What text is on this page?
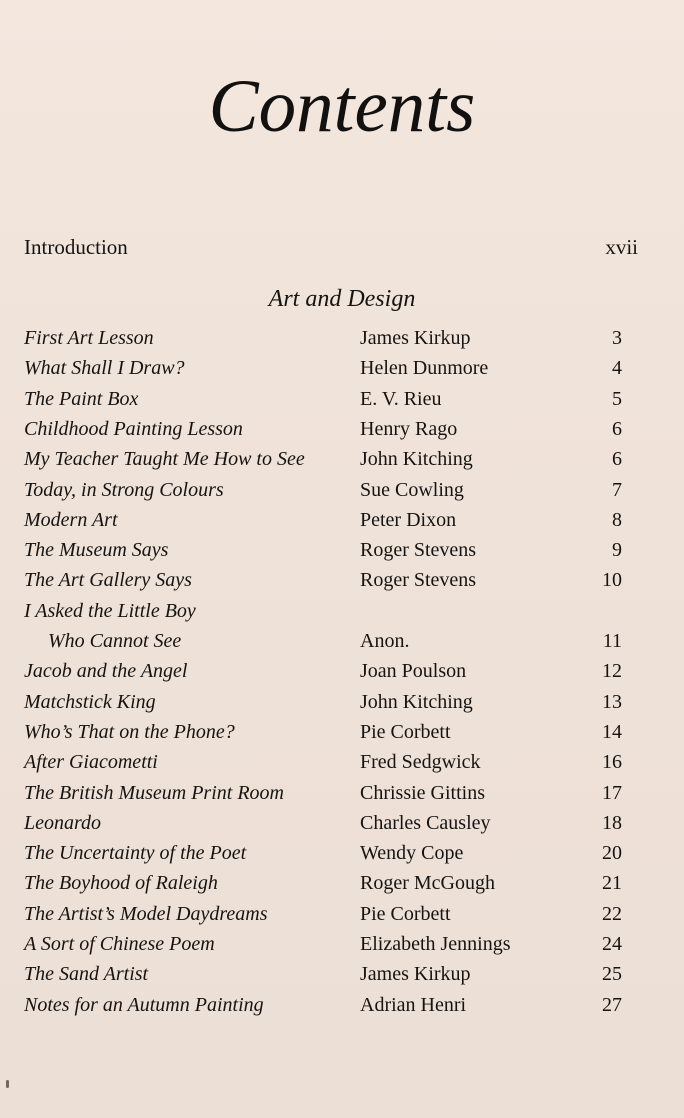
Contents
Introduction	xvii
Art and Design
First Art Lesson	James Kirkup	3
What Shall I Draw?	Helen Dunmore	4
The Paint Box	E. V. Rieu	5
Childhood Painting Lesson	Henry Rago	6
My Teacher Taught Me How to See	John Kitching	6
Today, in Strong Colours	Sue Cowling	7
Modern Art	Peter Dixon	8
The Museum Says	Roger Stevens	9
The Art Gallery Says	Roger Stevens	10
I Asked the Little Boy
Who Cannot See	Anon.	11
Jacob and the Angel	Joan Poulson	12
Matchstick King	John Kitching	13
Who’s That on the Phone?	Pie Corbett	14
After Giacometti	Fred Sedgwick	16
The British Museum Print Room	Chrissie Gittins	17
Leonardo	Charles Causley	18
The Uncertainty of the Poet	Wendy Cope	20
The Boyhood of Raleigh	Roger McGough	21
The Artist’s Model Daydreams	Pie Corbett	22
A Sort of Chinese Poem	Elizabeth Jennings	24
The Sand Artist	James Kirkup	25
Notes for an Autumn Painting	Adrian Henri	27
